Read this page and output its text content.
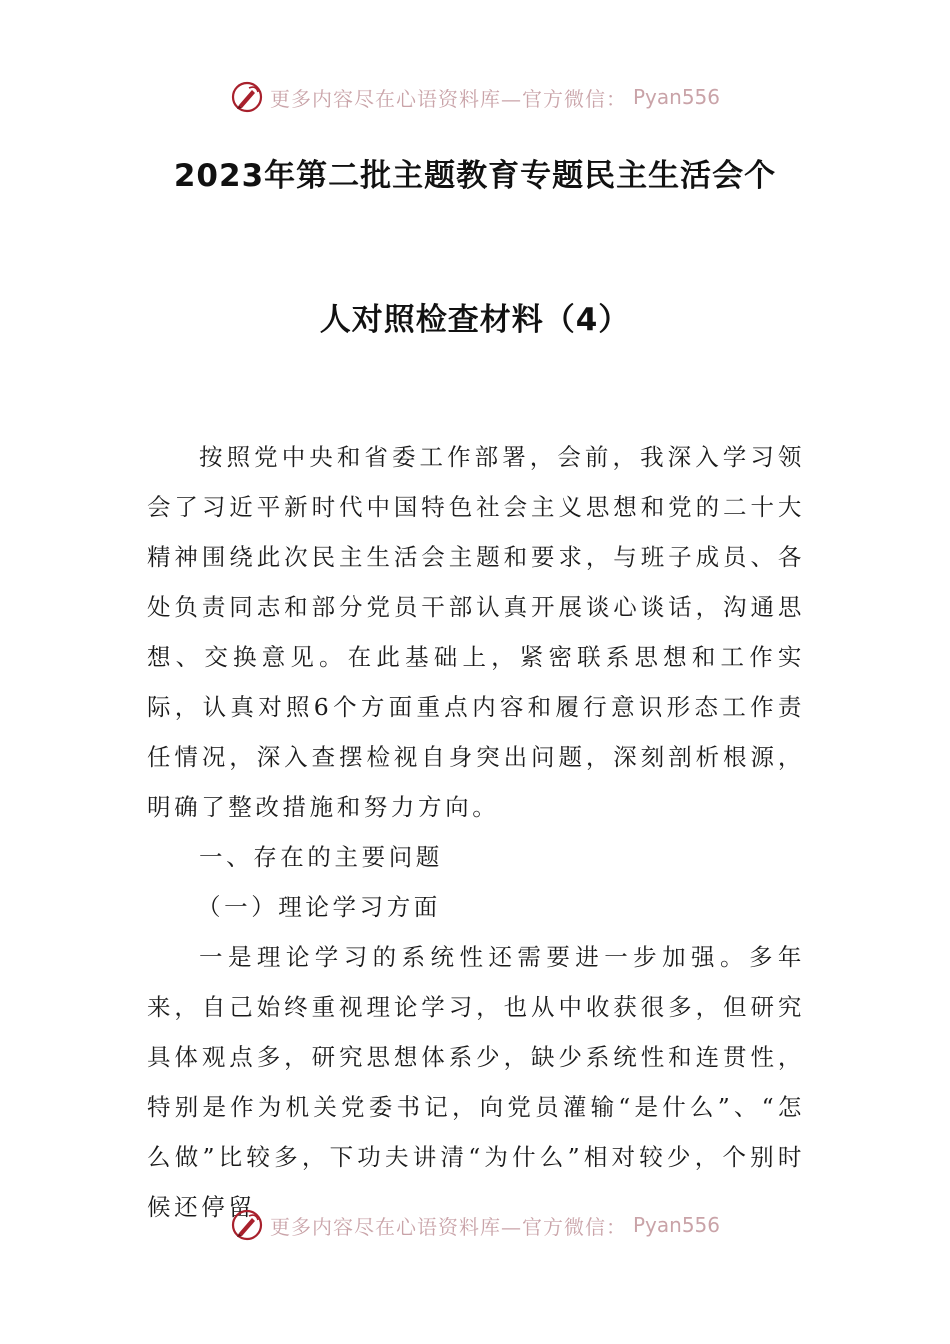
更多内容尽在心语资料库—官方微信： Pyan556
2023年第二批主题教育专题民主生活会个
人对照检查材料（4）

按照党中央和省委工作部署，会前，我深入学习领会了习近平新时代中国特色社会主义思想和党的二十大精神围绕此次民主生活会主题和要求，与班子成员、各处负责同志和部分党员干部认真开展谈心谈话，沟通思想、交换意见。在此基础上，紧密联系思想和工作实际，认真对照6个方面重点内容和履行意识形态工作责任情况，深入查摆检视自身突出问题，深刻剖析根源，明确了整改措施和努力方向。

一、存在的主要问题

（一）理论学习方面

一是理论学习的系统性还需要进一步加强。多年来，自己始终重视理论学习，也从中收获很多，但研究具体观点多，研究思想体系少，缺少系统性和连贯性，特别是作为机关党委书记，向党员灌输“是什么”、“怎么做”比较多，下功夫讲清“为什么”相对较少，个别时候还停留

更多内容尽在心语资料库—官方微信： Pyan556
